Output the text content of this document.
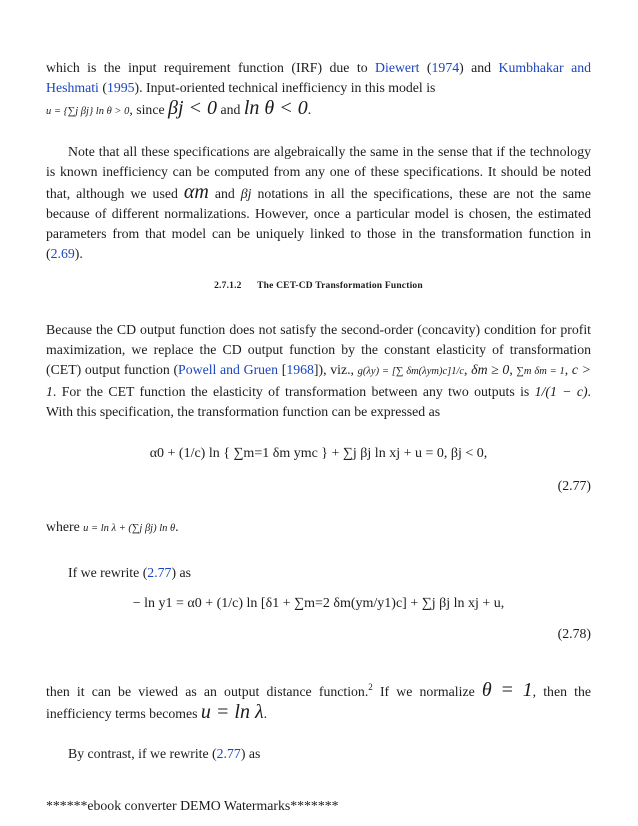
which is the input requirement function (IRF) due to Diewert (1974) and Kumbhakar and Heshmati (1995). Input-oriented technical inefficiency in this model is
u = {∑j βj} ln θ > 0, since βj < 0 and ln θ < 0.

Note that all these specifications are algebraically the same in the sense that if the technology is known inefficiency can be computed from any one of these specifications. It should be noted that, although we used αm and βj notations in all the specifications, these are not the same because of different normalizations. However, once a particular model is chosen, the estimated parameters from that model can be uniquely linked to those in the transformation function in (2.69).

2.7.1.2 The CET-CD Transformation Function

Because the CD output function does not satisfy the second-order (concavity) condition for profit maximization, we replace the CD output function by the constant elasticity of transformation (CET) output function (Powell and Gruen [1968]), viz., g(λy) = [∑ δm(λym)c]1/c, δm ≥ 0, ∑m δm = 1, c > 1. For the CET function the elasticity of transformation between any two outputs is 1/(1 − c). With this specification, the transformation function can be expressed as

α0 + (1/c) ln { ∑m=1 δm ymc } + ∑j βj ln xj + u = 0, βj < 0,
(2.77)

where u = ln λ + (∑j βj) ln θ.

If we rewrite (2.77) as

− ln y1 = α0 + (1/c) ln [δ1 + ∑m=2 δm(ym/y1)c] + ∑j βj ln xj + u,
(2.78)

then it can be viewed as an output distance function.$^2$ If we normalize θ = 1, then the inefficiency terms becomes u = ln λ.

By contrast, if we rewrite (2.77) as

******ebook converter DEMO Watermarks*******
